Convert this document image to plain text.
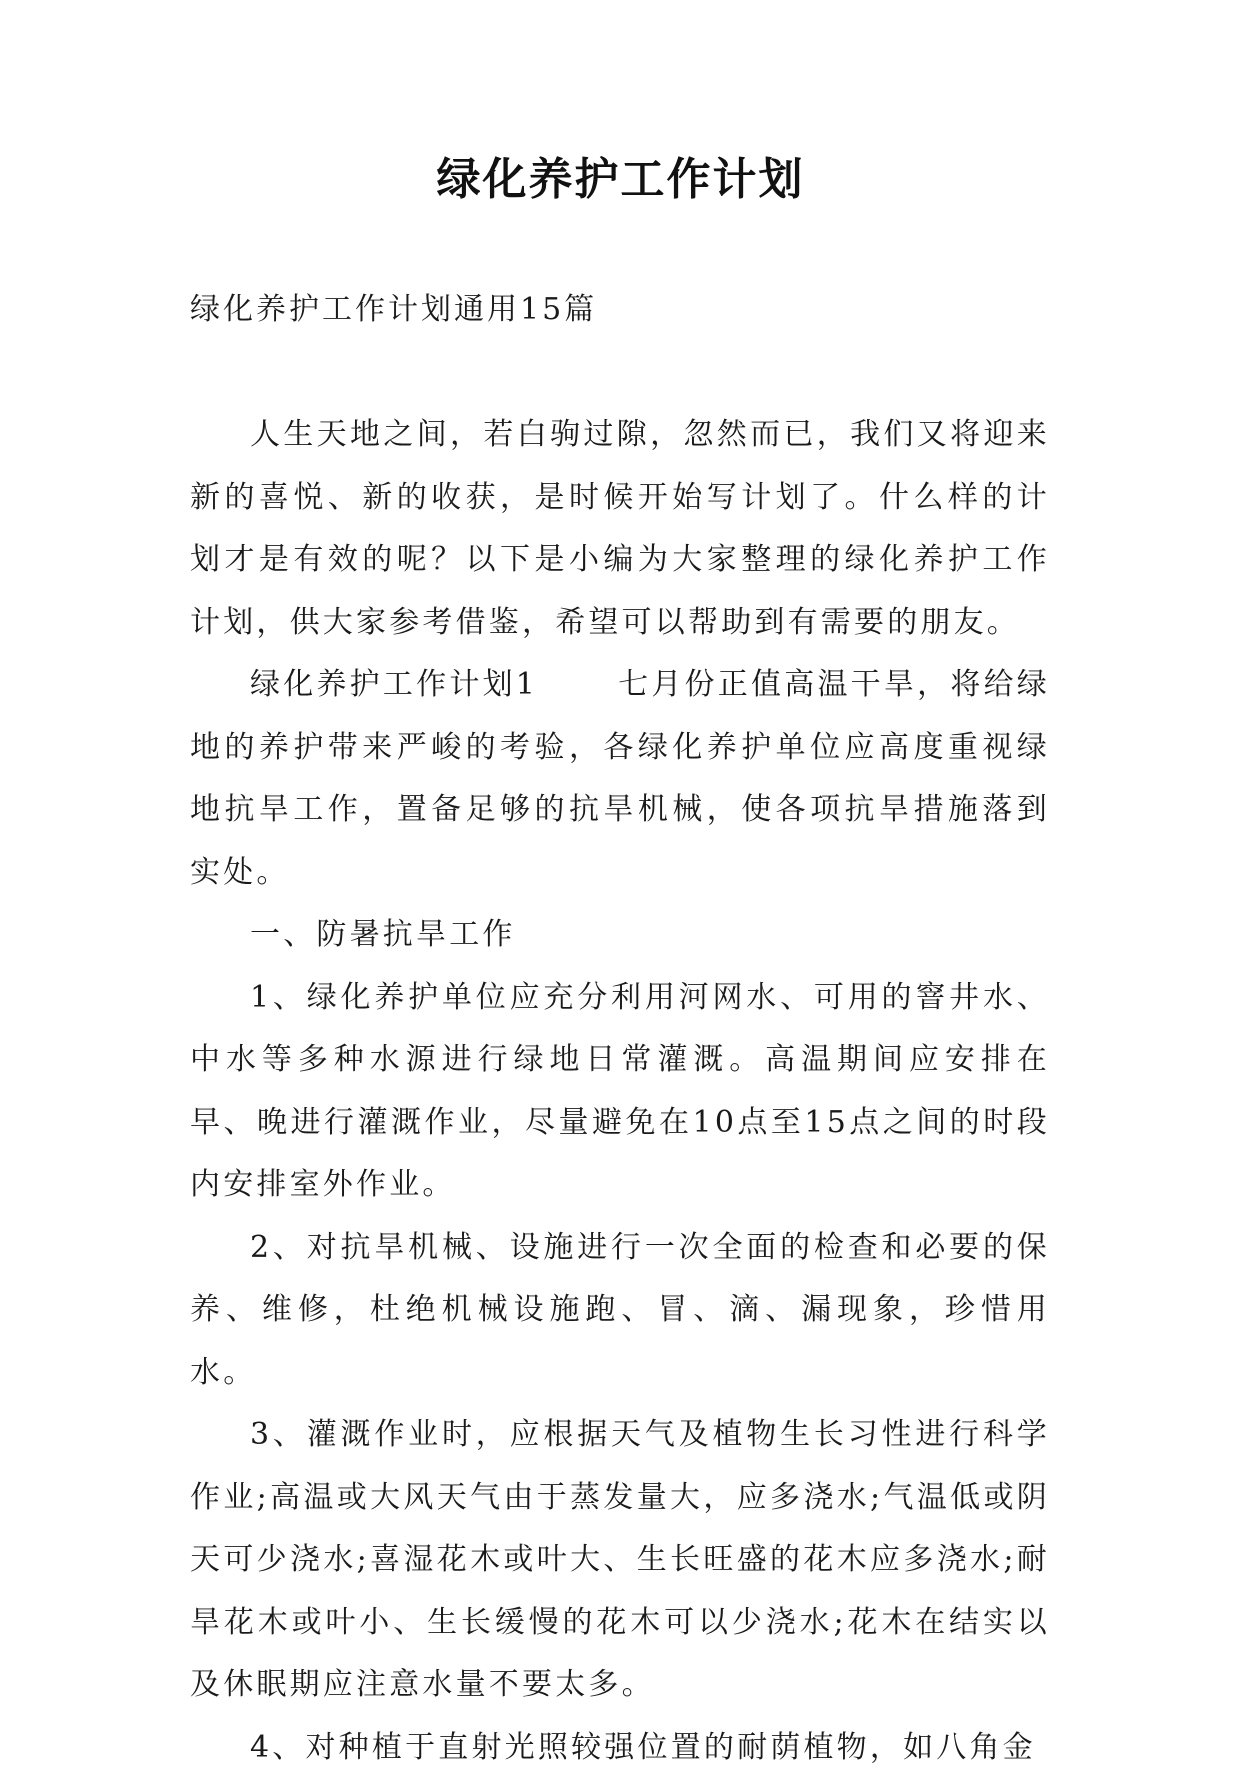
绿化养护工作计划
绿化养护工作计划通用15篇

人生天地之间，若白驹过隙，忽然而已，我们又将迎来新的喜悦、新的收获，是时候开始写计划了。什么样的计划才是有效的呢？以下是小编为大家整理的绿化养护工作计划，供大家参考借鉴，希望可以帮助到有需要的朋友。

绿化养护工作计划1	七月份正值高温干旱，将给绿地的养护带来严峻的考验，各绿化养护单位应高度重视绿地抗旱工作，置备足够的抗旱机械，使各项抗旱措施落到实处。

一、防暑抗旱工作

1、绿化养护单位应充分利用河网水、可用的窨井水、中水等多种水源进行绿地日常灌溉。高温期间应安排在早、晚进行灌溉作业，尽量避免在10点至15点之间的时段内安排室外作业。

2、对抗旱机械、设施进行一次全面的检查和必要的保养、维修，杜绝机械设施跑、冒、滴、漏现象，珍惜用水。

3、灌溉作业时，应根据天气及植物生长习性进行科学作业;高温或大风天气由于蒸发量大，应多浇水;气温低或阴天可少浇水;喜湿花木或叶大、生长旺盛的花木应多浇水;耐旱花木或叶小、生长缓慢的花木可以少浇水;花木在结实以及休眠期应注意水量不要太多。

4、对种植于直射光照较强位置的耐荫植物，如八角金
